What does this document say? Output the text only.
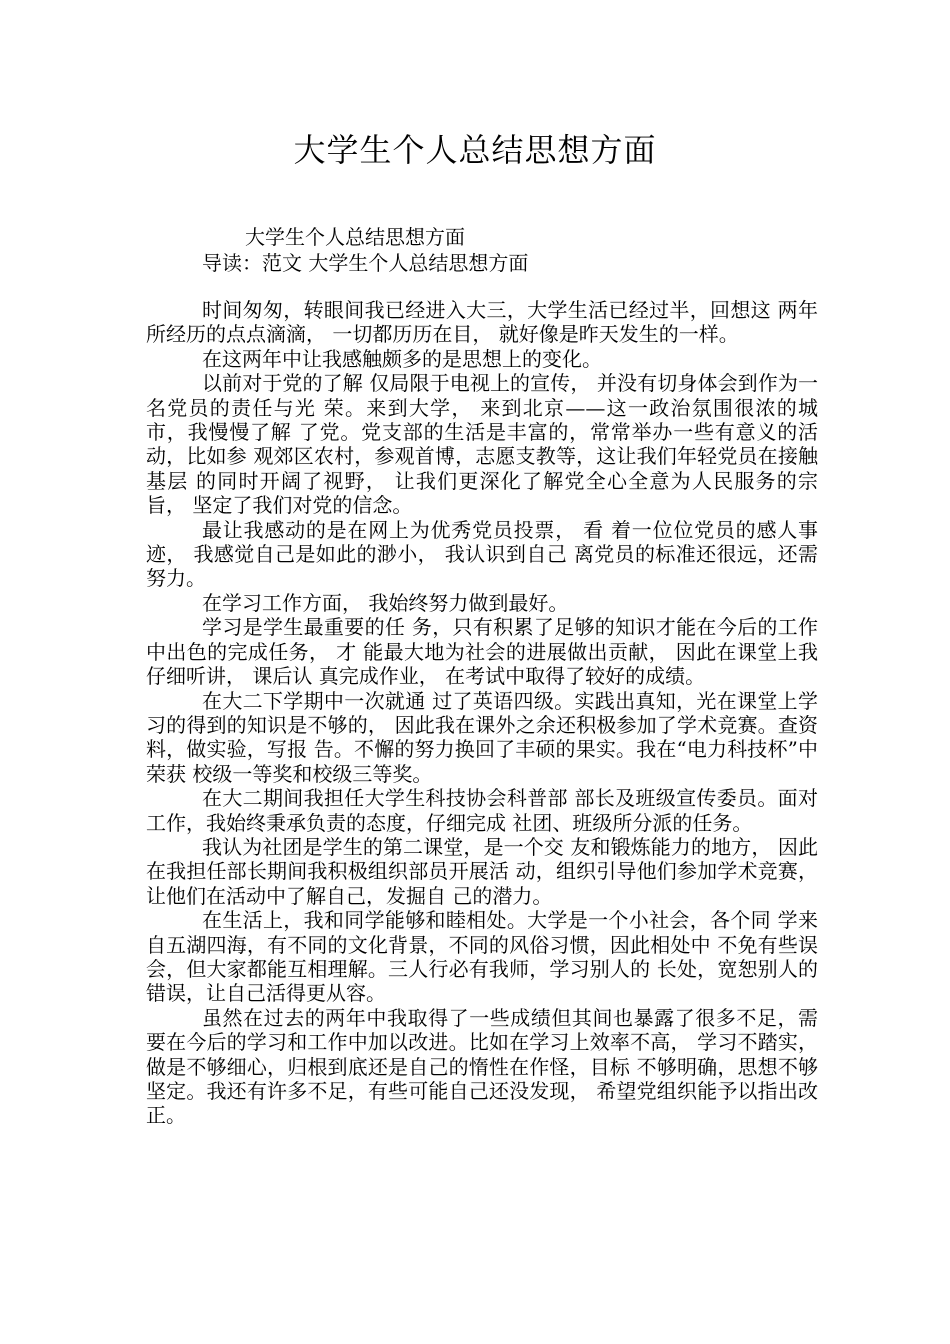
大学生个人总结思想方面
大学生个人总结思想方面
导读：范文 大学生个人总结思想方面

时间匆匆，转眼间我已经进入大三，大学生活已经过半，回想这 两年所经历的点点滴滴， 一切都历历在目， 就好像是昨天发生的一样。

在这两年中让我感触颇多的是思想上的变化。

以前对于党的了解 仅局限于电视上的宣传， 并没有切身体会到作为一名党员的责任与光 荣。来到大学， 来到北京——这一政治氛围很浓的城市，我慢慢了解 了党。党支部的生活是丰富的，常常举办一些有意义的活动，比如参 观郊区农村，参观首博，志愿支教等，这让我们年轻党员在接触基层 的同时开阔了视野， 让我们更深化了解党全心全意为人民服务的宗旨， 坚定了我们对党的信念。

最让我感动的是在网上为优秀党员投票， 看 着一位位党员的感人事迹， 我感觉自己是如此的渺小， 我认识到自己 离党员的标准还很远，还需努力。

在学习工作方面， 我始终努力做到最好。

学习是学生最重要的任 务，只有积累了足够的知识才能在今后的工作中出色的完成任务， 才 能最大地为社会的进展做出贡献， 因此在课堂上我仔细听讲， 课后认 真完成作业， 在考试中取得了较好的成绩。

在大二下学期中一次就通 过了英语四级。实践出真知，光在课堂上学习的得到的知识是不够的， 因此我在课外之余还积极参加了学术竞赛。查资料，做实验，写报 告。不懈的努力换回了丰硕的果实。我在“电力科技杯”中荣获 校级一等奖和校级三等奖。

在大二期间我担任大学生科技协会科普部 部长及班级宣传委员。面对工作，我始终秉承负责的态度，仔细完成 社团、班级所分派的任务。

我认为社团是学生的第二课堂，是一个交 友和锻炼能力的地方， 因此在我担任部长期间我积极组织部员开展活 动，组织引导他们参加学术竞赛，让他们在活动中了解自己，发掘自 己的潜力。

在生活上，我和同学能够和睦相处。大学是一个小社会，各个同 学来自五湖四海，有不同的文化背景，不同的风俗习惯，因此相处中 不免有些误会，但大家都能互相理解。三人行必有我师，学习别人的 长处，宽恕别人的错误，让自己活得更从容。

虽然在过去的两年中我取得了一些成绩但其间也暴露了很多不足，需要在今后的学习和工作中加以改进。比如在学习上效率不高， 学习不踏实，做是不够细心，归根到底还是自己的惰性在作怪，目标 不够明确，思想不够坚定。我还有许多不足，有些可能自己还没发现， 希望党组织能予以指出改正。
